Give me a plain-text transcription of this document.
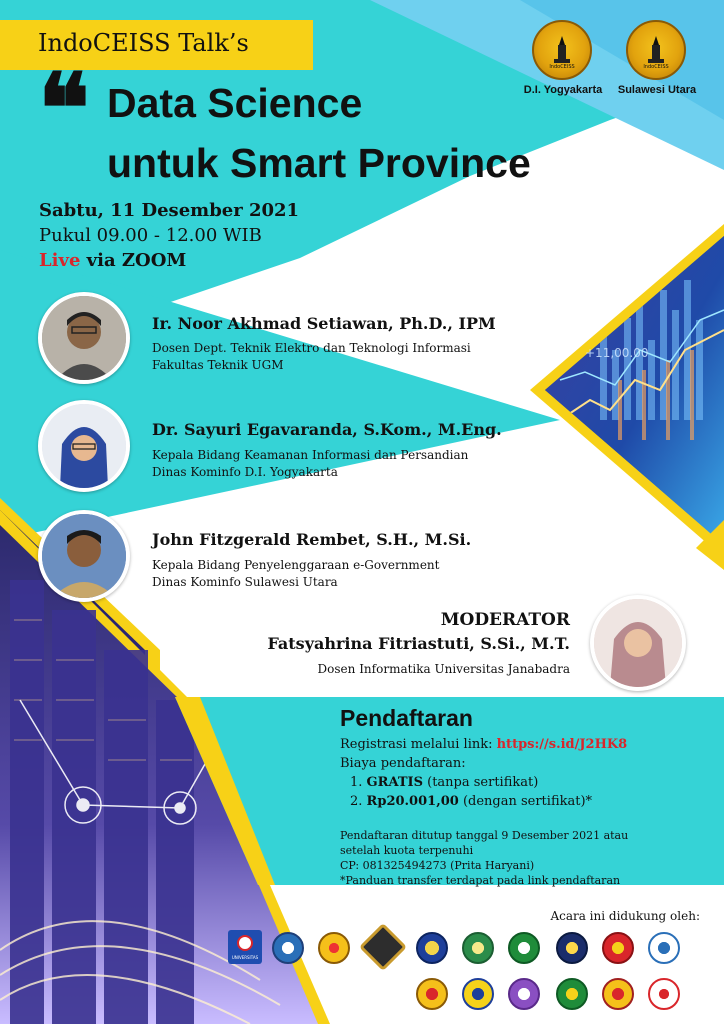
+11,00.00
IndoCEISS Talk’s
❝ Data Science
untuk Smart Province
IndoCEISS
D.I. Yogyakarta
IndoCEISS
Sulawesi Utara
Sabtu, 11 Desember 2021
Pukul 09.00 - 12.00 WIB
Live via ZOOM
Ir. Noor Akhmad Setiawan, Ph.D., IPM
Dosen Dept. Teknik Elektro dan Teknologi Informasi
Fakultas Teknik UGM
Dr. Sayuri Egavaranda, S.Kom., M.Eng.
Kepala Bidang Keamanan Informasi dan Persandian
Dinas Kominfo D.I. Yogyakarta
John Fitzgerald Rembet, S.H., M.Si.
Kepala Bidang Penyelenggaraan e-Government
Dinas Kominfo Sulawesi Utara
MODERATOR
Fatsyahrina Fitriastuti, S.Si., M.T.
Dosen Informatika Universitas Janabadra
Pendaftaran
Registrasi melalui link: https://s.id/J2HK8
Biaya pendaftaran:
1. GRATIS (tanpa sertifikat)
2. Rp20.001,00 (dengan sertifikat)*
Pendaftaran ditutup tanggal 9 Desember 2021 atau
setelah kuota terpenuhi
CP: 081325494273 (Prita Haryani)
*Panduan transfer terdapat pada link pendaftaran
Acara ini didukung oleh:
UNIVERSITAS
